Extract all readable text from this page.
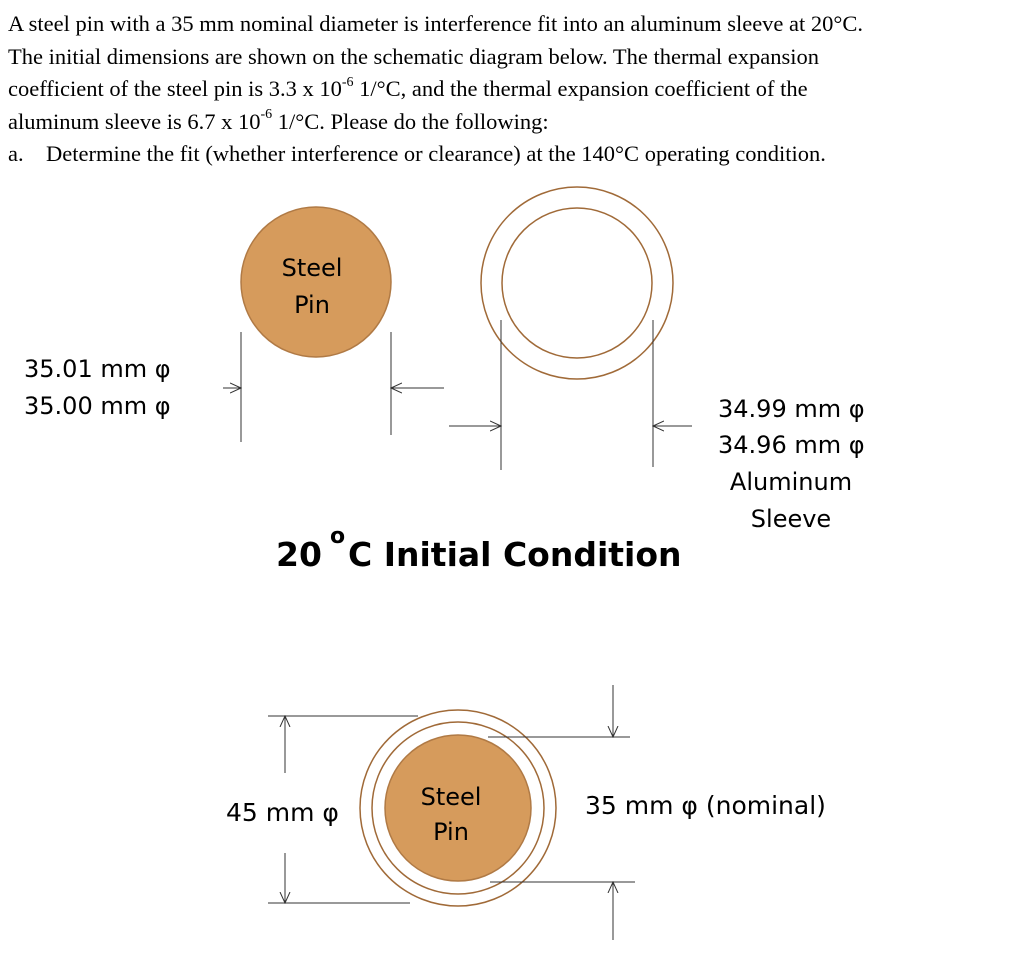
A steel pin with a 35 mm nominal diameter is interference fit into an aluminum sleeve at 20°C.

The initial dimensions are shown on the schematic diagram below. The thermal expansion

coefficient of the steel pin is 3.3 x $10^{-6}$ 1/°C, and the thermal expansion coefficient of the

aluminum sleeve is 6.7 x $10^{-6}$ 1/°C. Please do the following:

a. Determine the fit (whether interference or clearance) at the 140°C operating condition.

Steel
Pin
35.01 mm φ
35.00 mm φ	34.99 mm φ
34.96 mm φ
Aluminum
Sleeve
20 o C Initial Condition
45 mm φ
Steel
Pin
35 mm φ (nominal)
